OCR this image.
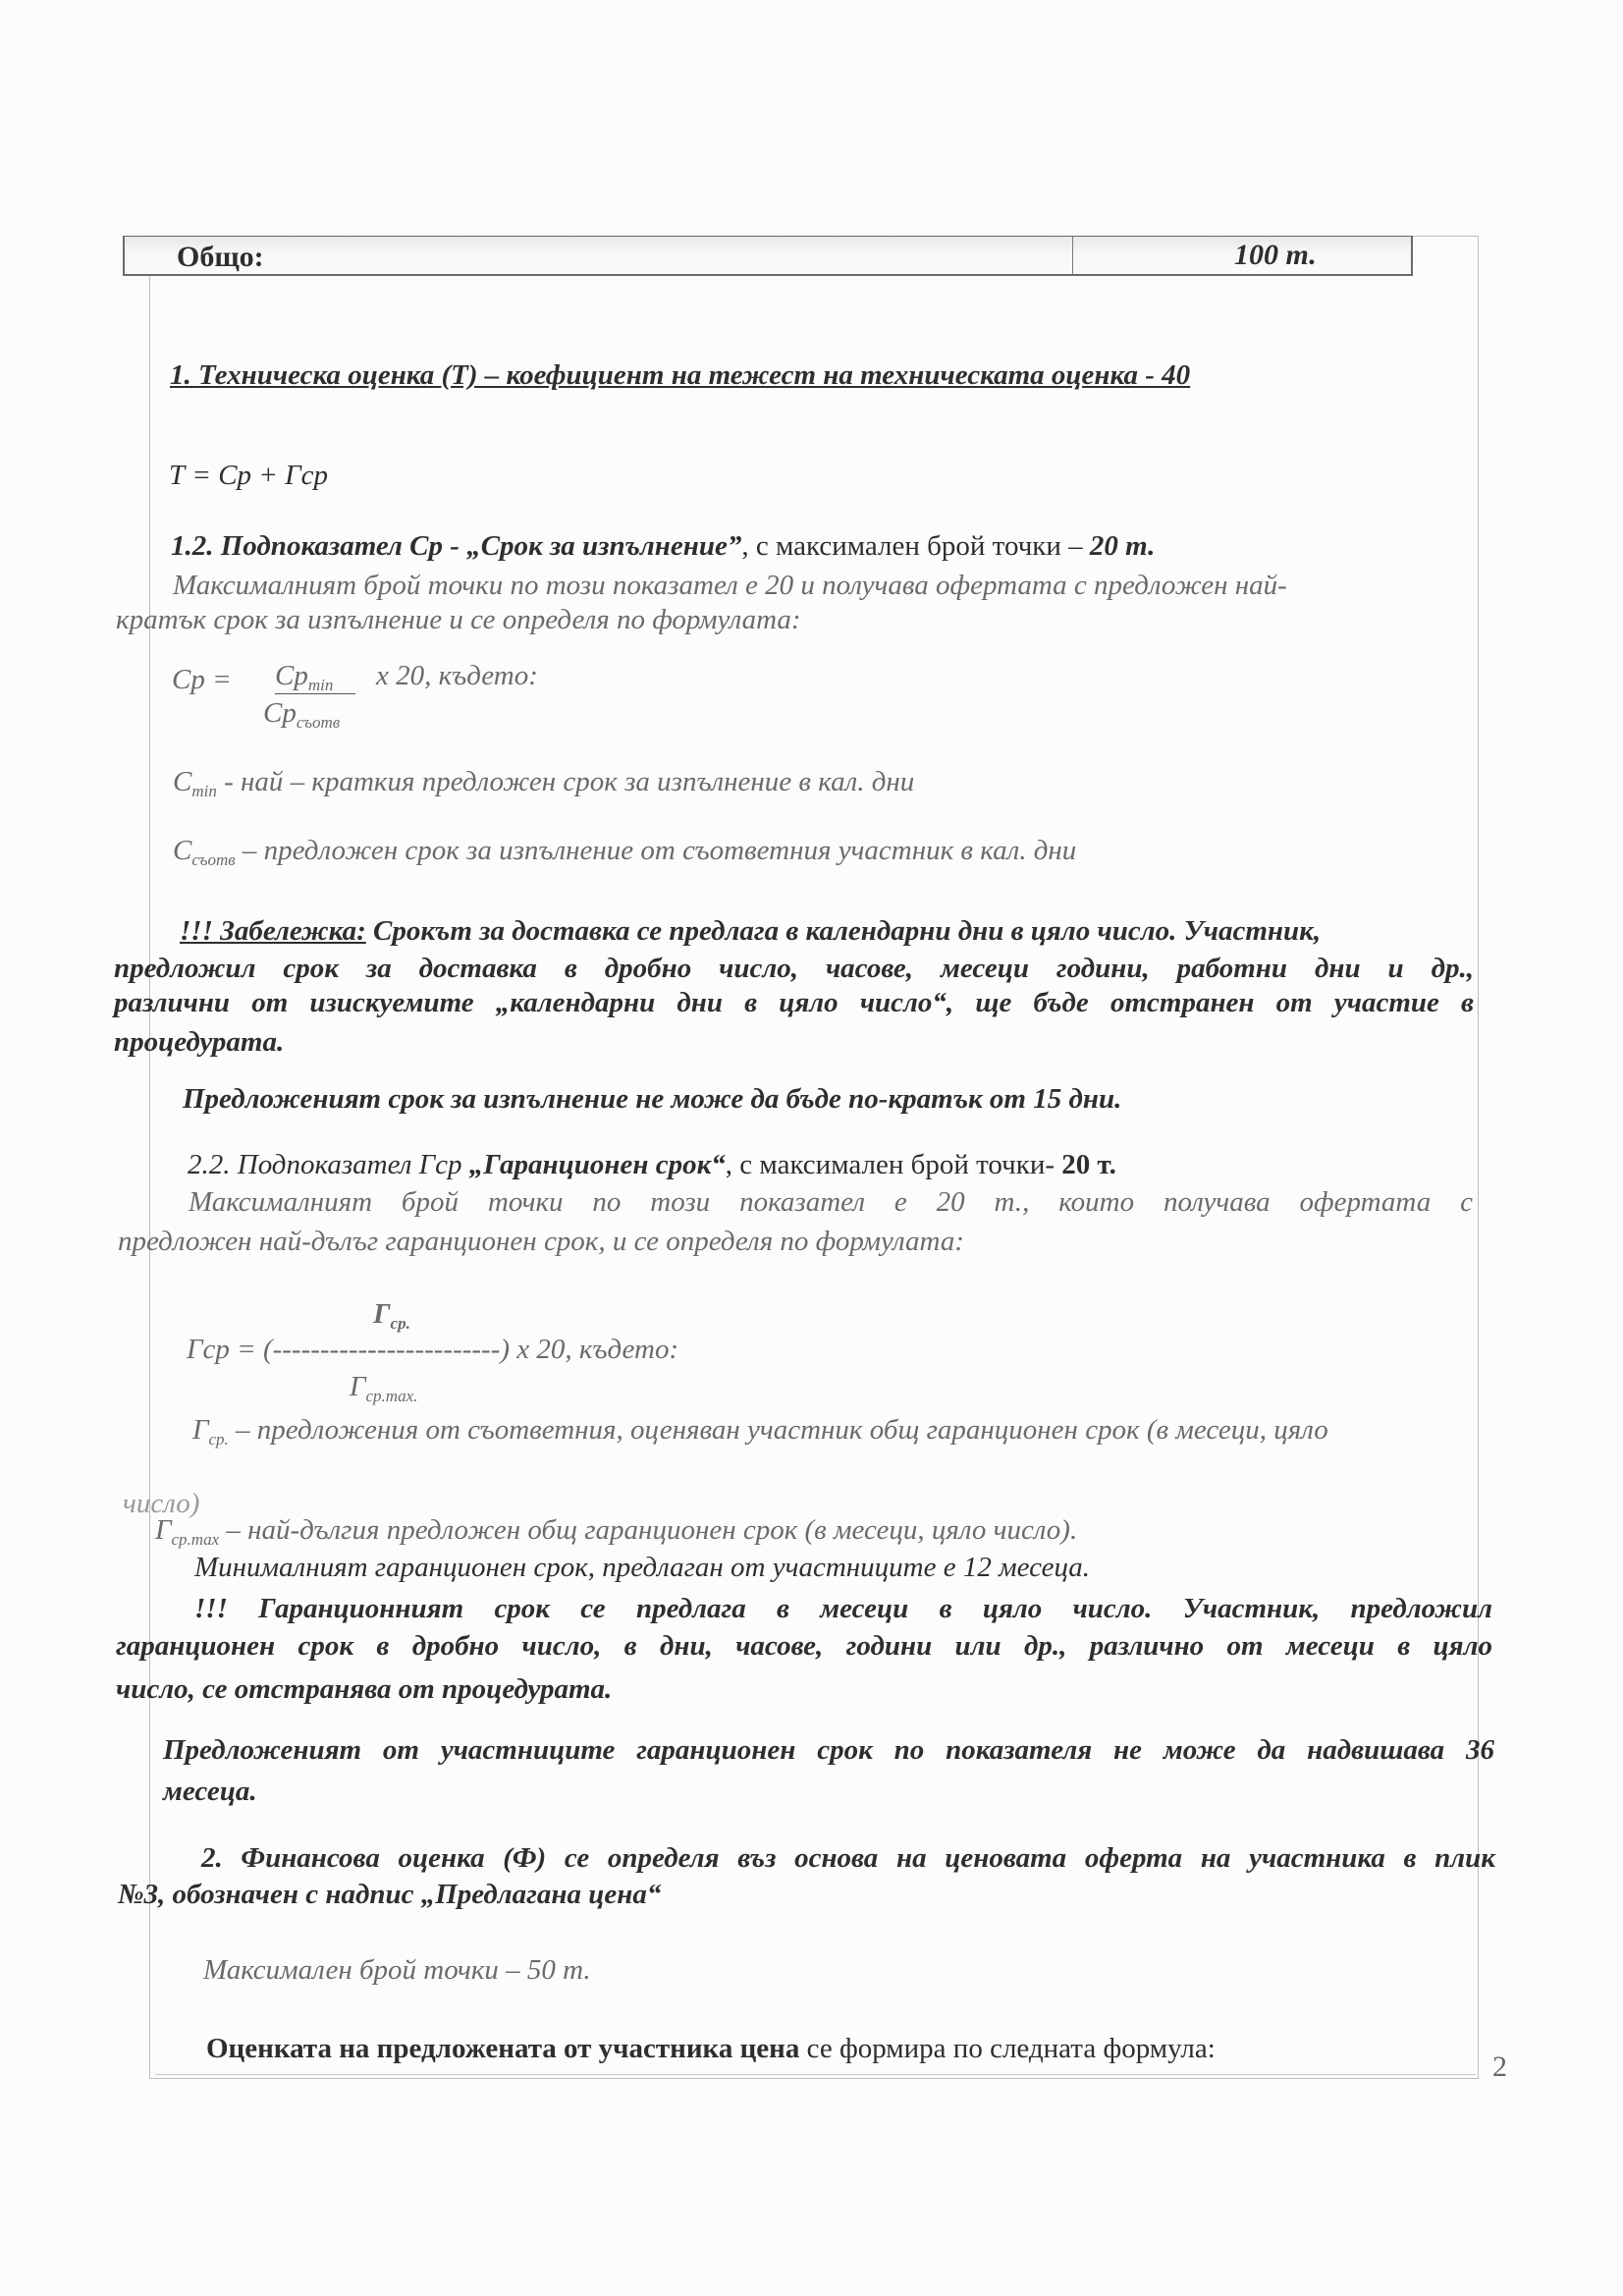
Общо:	100 т.
1. Техническа оценка (Т) – коефициент на тежест на техническата оценка - 40
Т = Ср + Гср
1.2. Подпоказател Ср - „Срок за изпълнение”, с максимален брой точки – 20 т.
Максималният брой точки по този показател е 20 и получава офертата с предложен най-
кратък срок за изпълнение и се определя по формулата:
Ср = $Ср_{min}$
$Ср_{съотв}$
х 20, където:
$С_{min}$ - най – краткия предложен срок за изпълнение в кал. дни
$С_{съотв}$ – предложен срок за изпълнение от съответния участник в кал. дни
!!! Забележка: Срокът за доставка се предлага в календарни дни в цяло число. Участник,
предложил срок за доставка в дробно число, часове, месеци години, работни дни и др.,
различни от изискуемите „календарни дни в цяло число“, ще бъде отстранен от участие в
процедурата.
Предложеният срок за изпълнение не може да бъде по-кратък от 15 дни.
2.2. Подпоказател Гср „Гаранционен срок“, с максимален брой точки- 20 т.
Максималният брой точки по този показател е 20 т., които получава офертата с
предложен най-дълъг гаранционен срок, и се определя по формулата:
$Г_{ср.}$
Гср = (------------------------) х 20, където:
$Г_{ср.max.}$
$Г_{ср.}$ – предложения от съответния, оценяван участник общ гаранционен срок (в месеци, цяло
число)
$Г_{ср.max}$ – най-дългия предложен общ гаранционен срок (в месеци, цяло число).
Минималният гаранционен срок, предлаган от участниците е 12 месеца.
!!! Гаранционният срок се предлага в месеци в цяло число. Участник, предложил
гаранционен срок в дробно число, в дни, часове, години или др., различно от месеци в цяло
число, се отстранява от процедурата.
Предложеният от участниците гаранционен срок по показателя не може да надвишава 36
месеца.
2. Финансова оценка (Ф) се определя въз основа на ценовата оферта на участника в плик
№3, обозначен с надпис „Предлагана цена“
Максимален брой точки – 50 т.
Оценката на предложената от участника цена се формира по следната формула:
2
